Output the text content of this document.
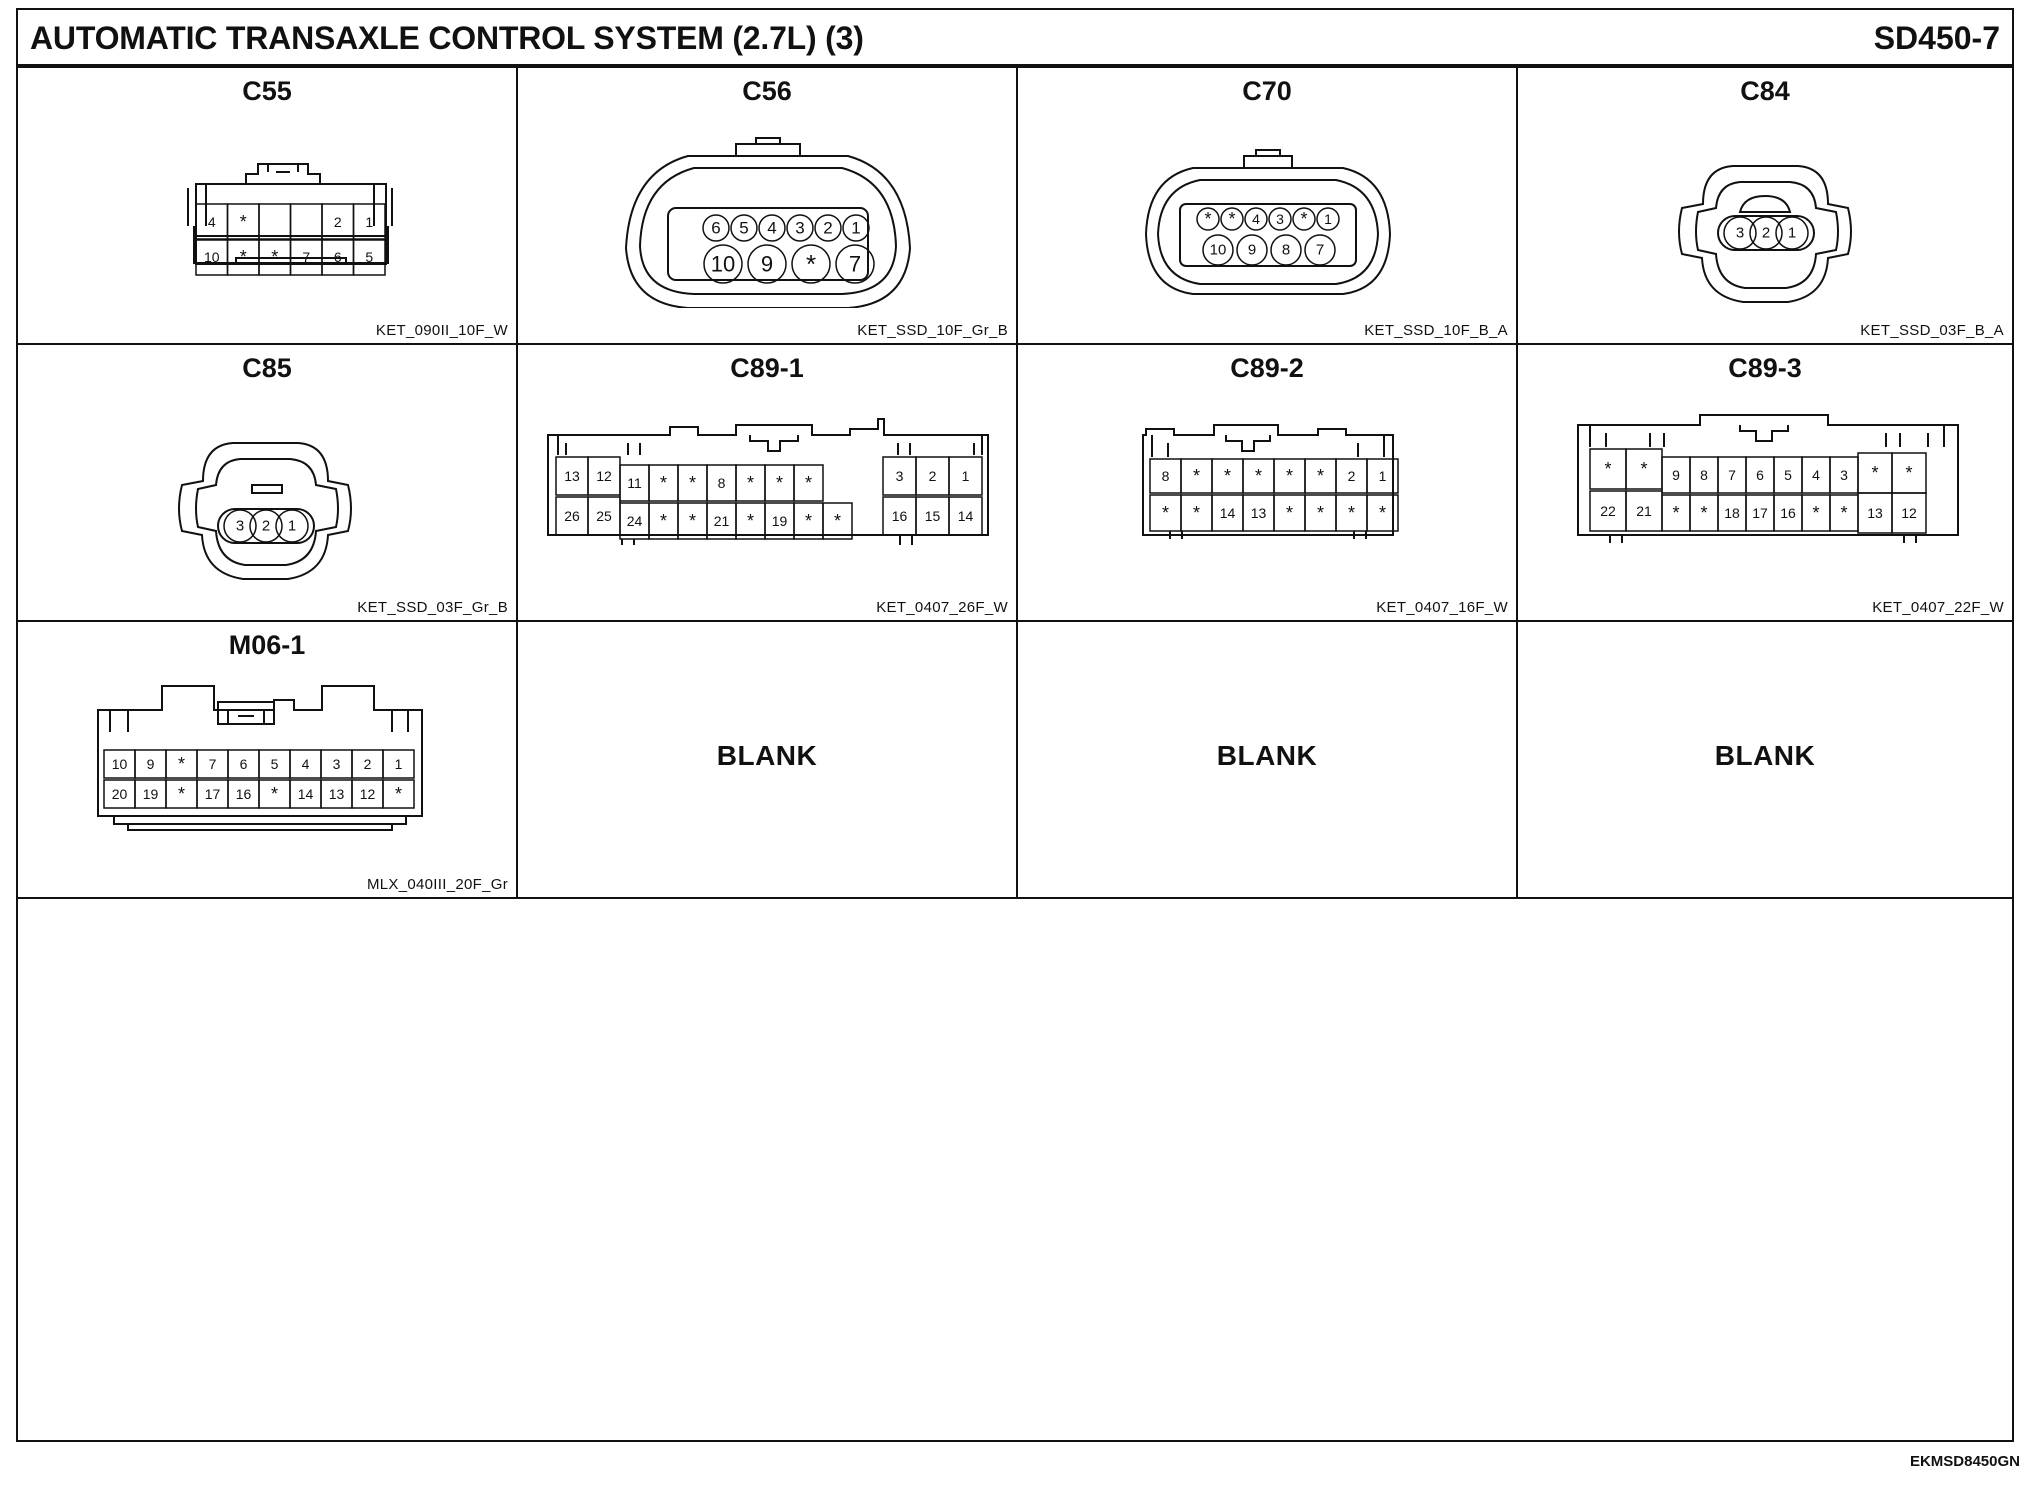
AUTOMATIC TRANSAXLE CONTROL SYSTEM (2.7L) (3)	SD450-7
C55
4 *	2 1
10 * * 7 6 5
KET_090II_10F_W
C56
6 5 4 3 2 1
10 9 * 7
KET_SSD_10F_Gr_B
C70
* * 4 3 * 1
10 9 8 7
KET_SSD_10F_B_A
C84
3 2 1
KET_SSD_03F_B_A
C85
3 2 1
KET_SSD_03F_Gr_B
C89-1
13 12 11 * * 8 * * *	3 2 1
26 25 24 * * 21 * 19 * *	16 15 14
KET_0407_26F_W
C89-2
8 * * * * * 2 1
* * 14 13 * * * *
KET_0407_16F_W
C89-3
* * 9 8 7 6 5 4 3 * *
22 21 * * 18 17 16 * * 13 12
KET_0407_22F_W
M06-1
10 9 * 7 6 5 4 3 2 1
20 19 * 17 16 * 14 13 12 *
MLX_040III_20F_Gr
BLANK	BLANK	BLANK
EKMSD8450GN
